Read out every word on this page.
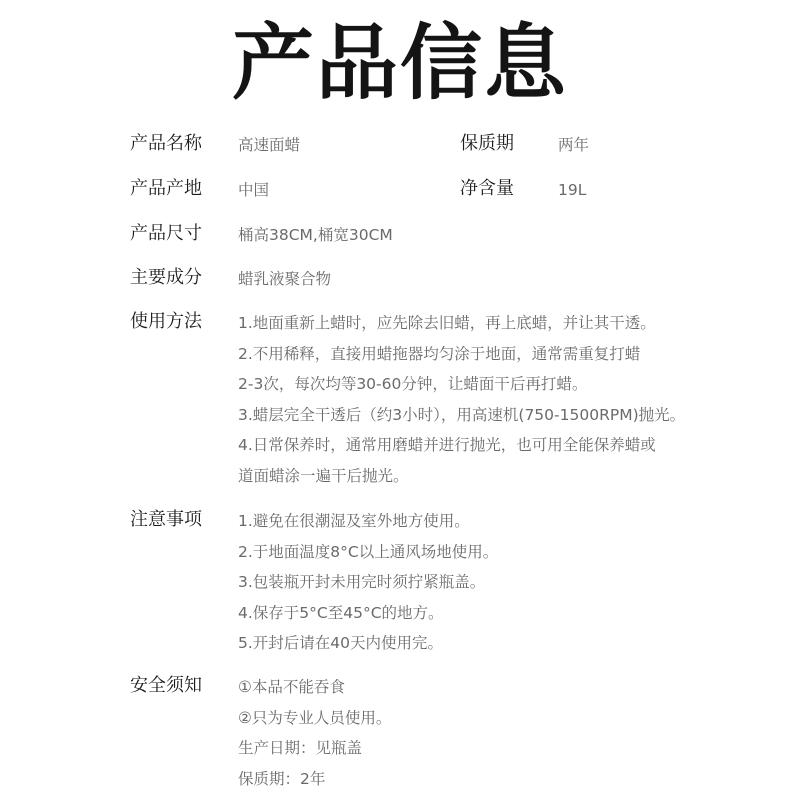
产品信息
产品名称 高速面蜡	保质期	两年
产品产地 中国	净含量	19L
产品尺寸 桶高38CM,桶宽30CM
主要成分 蜡乳液聚合物
使用方法 1.地面重新上蜡时，应先除去旧蜡，再上底蜡，并让其干透。
2.不用稀释，直接用蜡拖器均匀涂于地面，通常需重复打蜡
2-3次，每次均等30-60分钟，让蜡面干后再打蜡。
3.蜡层完全干透后（约3小时），用高速机(750-1500RPM)抛光。
4.日常保养时，通常用磨蜡并进行抛光，也可用全能保养蜡或
道面蜡涂一遍干后抛光。
注意事项 1.避免在很潮湿及室外地方使用。
2.于地面温度8°C以上通风场地使用。
3.包装瓶开封未用完时须拧紧瓶盖。
4.保存于5°C至45°C的地方。
5.开封后请在40天内使用完。
安全须知 ①本品不能吞食
②只为专业人员使用。
生产日期：见瓶盖
保质期：2年
